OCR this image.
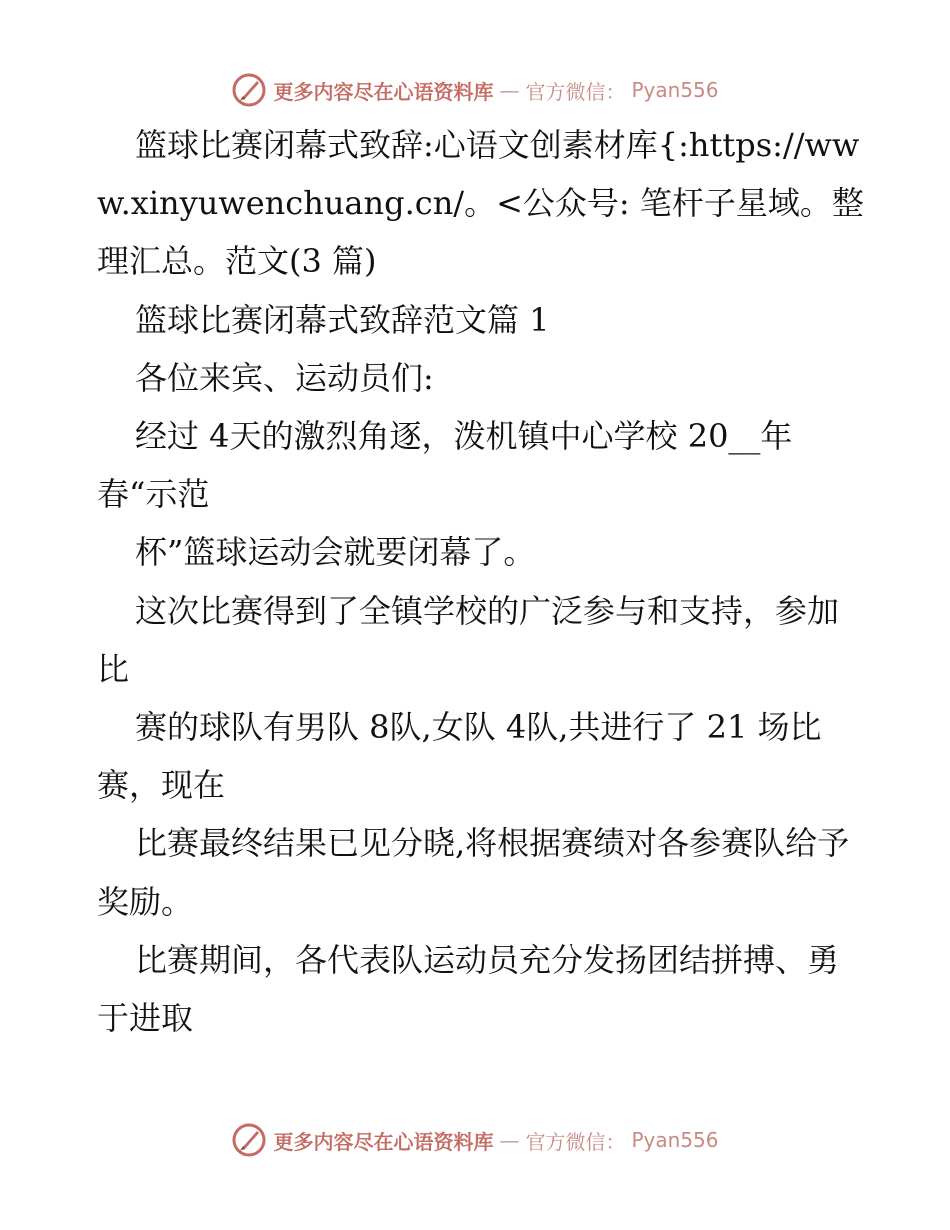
更多内容尽在心语资料库 — 官方微信： Pyan556

篮球比赛闭幕式致辞:心语文创素材库{:https://www.xinyuwenchuang.cn/。<公众号: 笔杆子星域。整理汇总。范文(3 篇)

篮球比赛闭幕式致辞范文篇 1

各位来宾、运动员们:

经过 4天的激烈角逐，泼机镇中心学校 20__年春“示范

杯”篮球运动会就要闭幕了。

这次比赛得到了全镇学校的广泛参与和支持，参加比

赛的球队有男队 8队,女队 4队,共进行了 21 场比赛，现在

比赛最终结果已见分晓,将根据赛绩对各参赛队给予奖励。

比赛期间，各代表队运动员充分发扬团结拼搏、勇于进取

更多内容尽在心语资料库 — 官方微信： Pyan556
